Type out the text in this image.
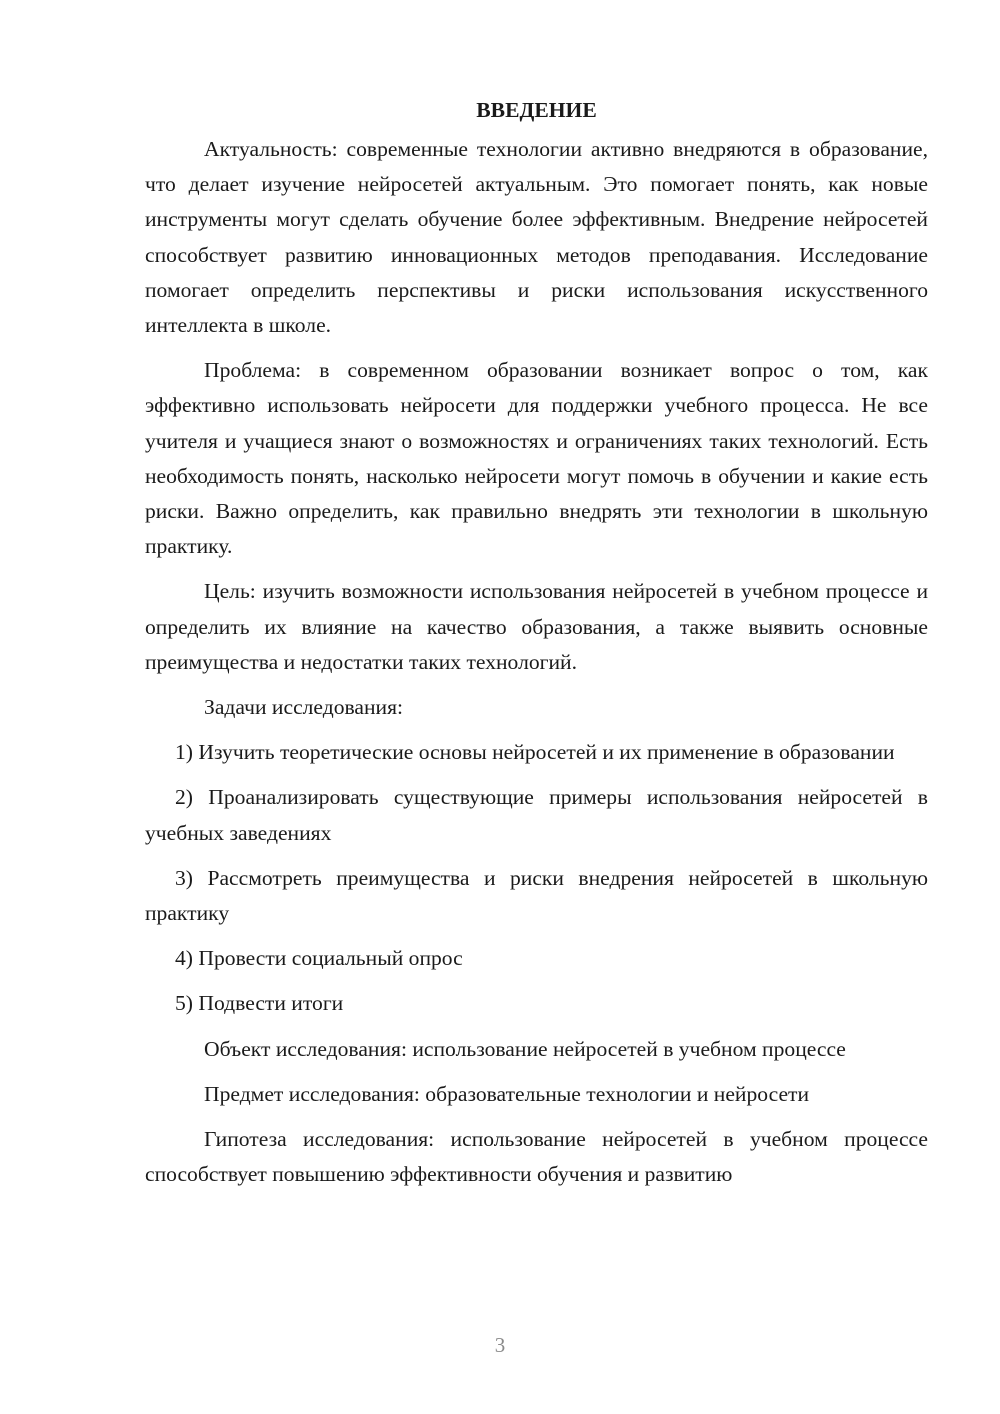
ВВЕДЕНИЕ

Актуальность: современные технологии активно внедряются в образование, что делает изучение нейросетей актуальным. Это помогает понять, как новые инструменты могут сделать обучение более эффективным. Внедрение нейросетей способствует развитию инновационных методов преподавания. Исследование помогает определить перспективы и риски использования искусственного интеллекта в школе.

Проблема: в современном образовании возникает вопрос о том, как эффективно использовать нейросети для поддержки учебного процесса. Не все учителя и учащиеся знают о возможностях и ограничениях таких технологий. Есть необходимость понять, насколько нейросети могут помочь в обучении и какие есть риски. Важно определить, как правильно внедрять эти технологии в школьную практику.

Цель: изучить возможности использования нейросетей в учебном процессе и определить их влияние на качество образования, а также выявить основные преимущества и недостатки таких технологий.

Задачи исследования:

1) Изучить теоретические основы нейросетей и их применение в образовании

2) Проанализировать существующие примеры использования нейросетей в учебных заведениях

3) Рассмотреть преимущества и риски внедрения нейросетей в школьную практику

4) Провести социальный опрос

5) Подвести итоги

Объект исследования: использование нейросетей в учебном процессе

Предмет исследования: образовательные технологии и нейросети

Гипотеза исследования: использование нейросетей в учебном процессе способствует повышению эффективности обучения и развитию

3
